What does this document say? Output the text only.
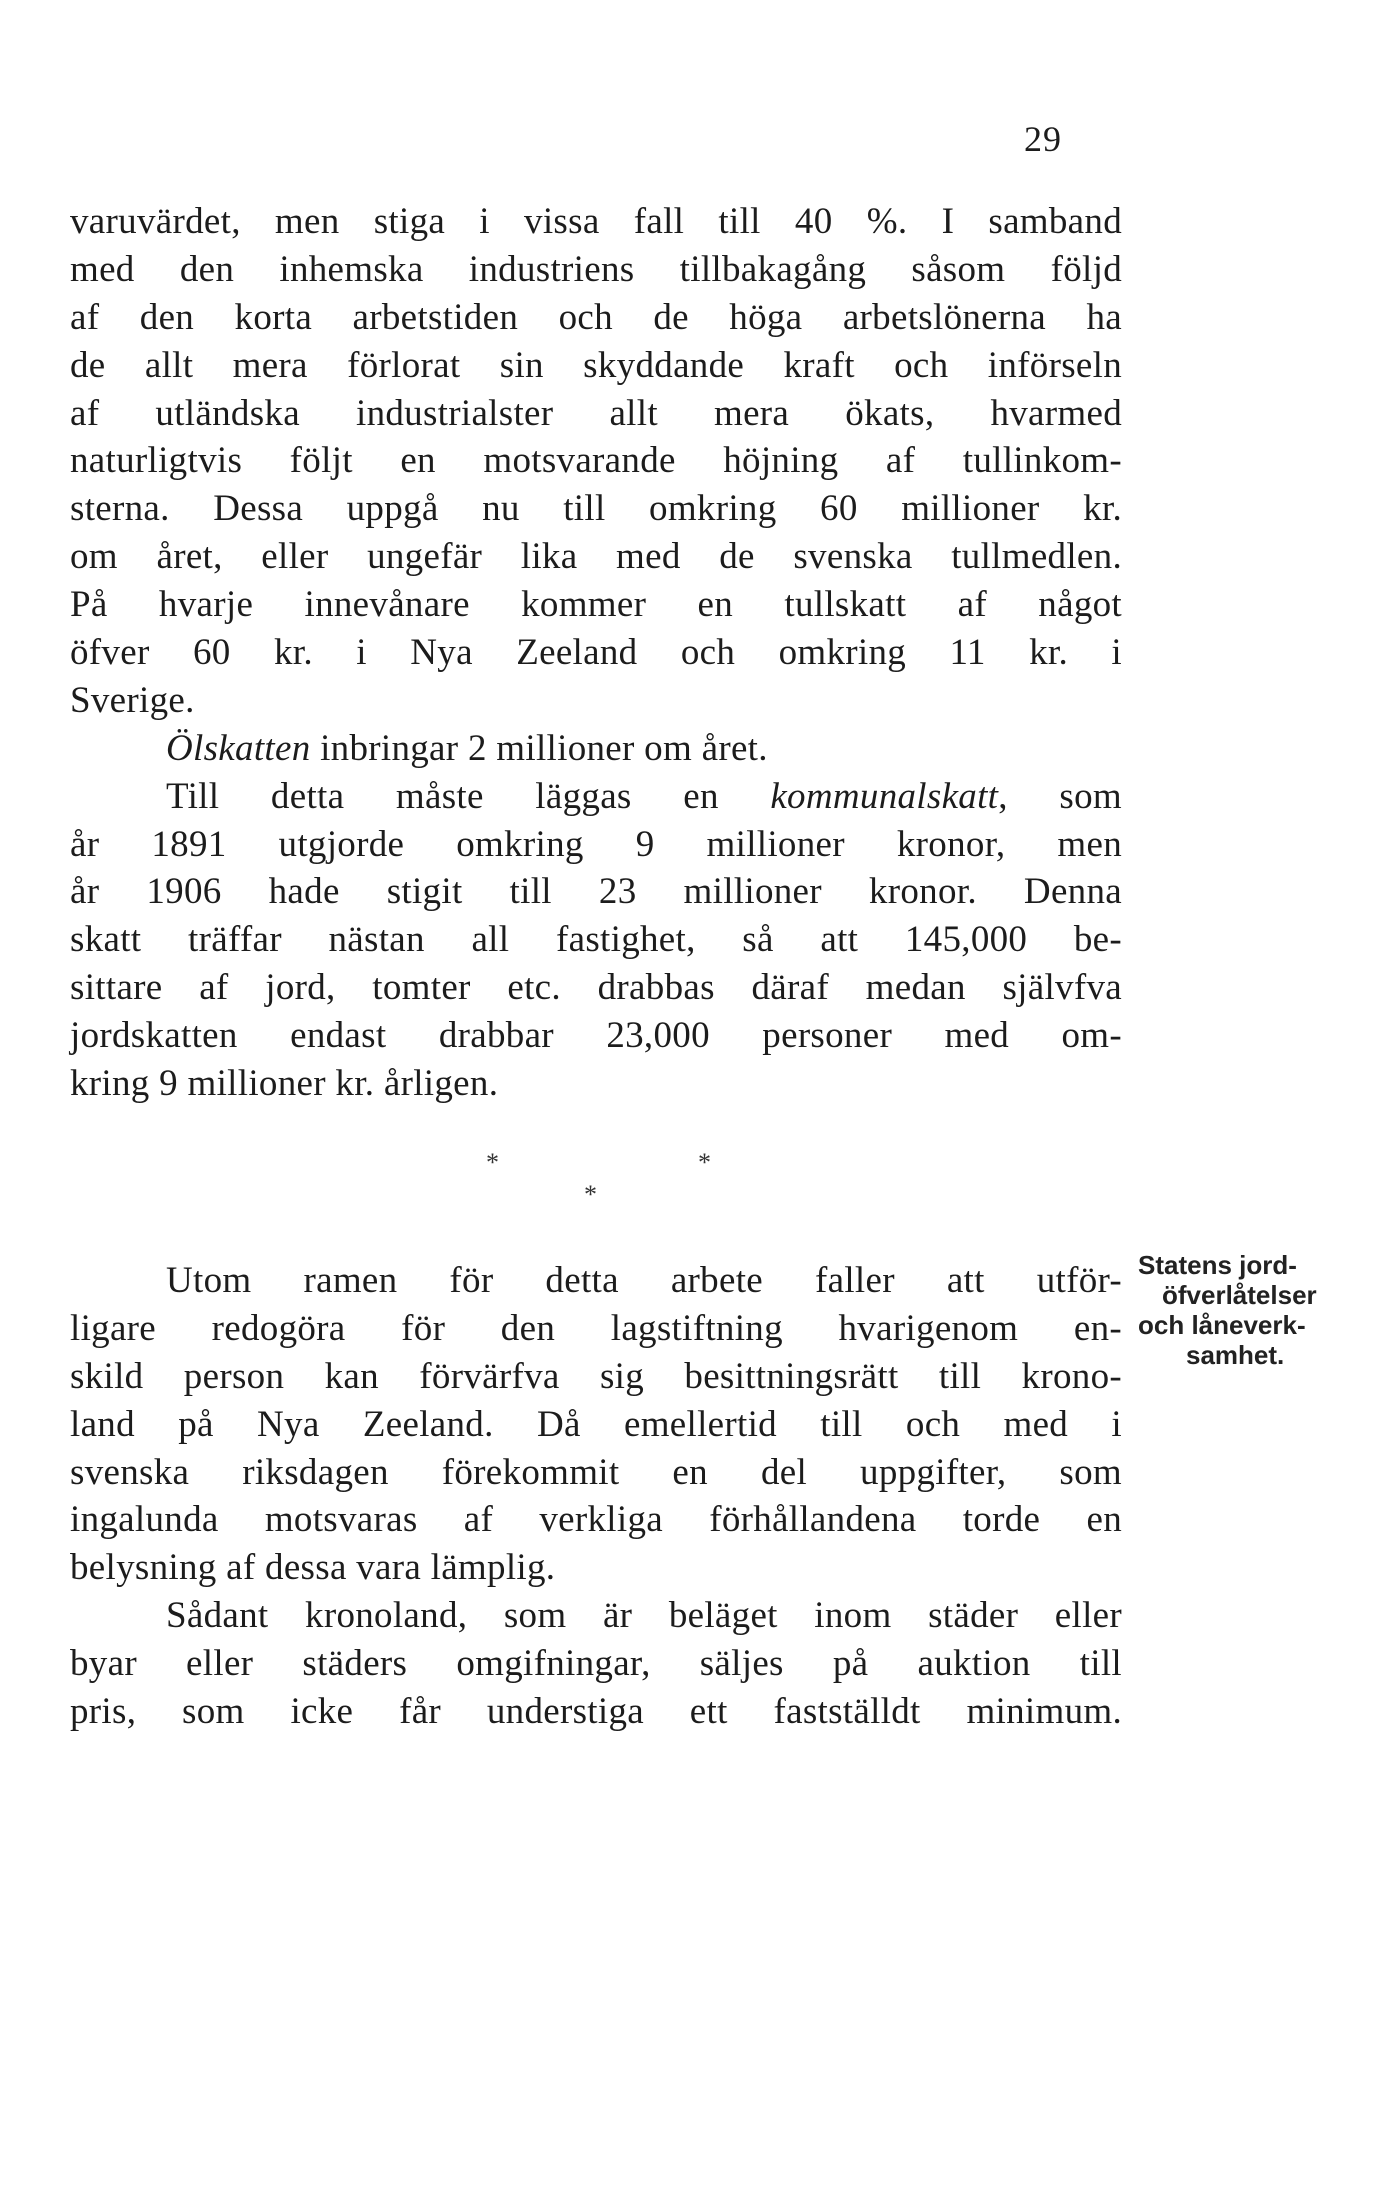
29
varuvärdet, men stiga i vissa fall till 40 %. I samband
med den inhemska industriens tillbakagång såsom följd
af den korta arbetstiden och de höga arbetslönerna ha
de allt mera förlorat sin skyddande kraft och införseln
af utländska industrialster allt mera ökats, hvarmed
naturligtvis följt en motsvarande höjning af tullinkom-
sterna. Dessa uppgå nu till omkring 60 millioner kr.
om året, eller ungefär lika med de svenska tullmedlen.
På hvarje innevånare kommer en tullskatt af något
öfver 60 kr. i Nya Zeeland och omkring 11 kr. i
Sverige.
Ölskatten inbringar 2 millioner om året.
Till detta måste läggas en kommunalskatt, som
år 1891 utgjorde omkring 9 millioner kronor, men
år 1906 hade stigit till 23 millioner kronor. Denna
skatt träffar nästan all fastighet, så att 145,000 be-
sittare af jord, tomter etc. drabbas däraf medan självfva
jordskatten endast drabbar 23,000 personer med om-
kring 9 millioner kr. årligen.
*	*
*
Utom ramen för detta arbete faller att utför-
ligare redogöra för den lagstiftning hvarigenom en-
skild person kan förvärfva sig besittningsrätt till krono-
land på Nya Zeeland. Då emellertid till och med i
svenska riksdagen förekommit en del uppgifter, som
ingalunda motsvaras af verkliga förhållandena torde en
belysning af dessa vara lämplig.
Sådant kronoland, som är beläget inom städer eller
byar eller städers omgifningar, säljes på auktion till
pris, som icke får understiga ett fastställdt minimum.
Statens jord-
öfverlåtelser
och låneverk-
samhet.
